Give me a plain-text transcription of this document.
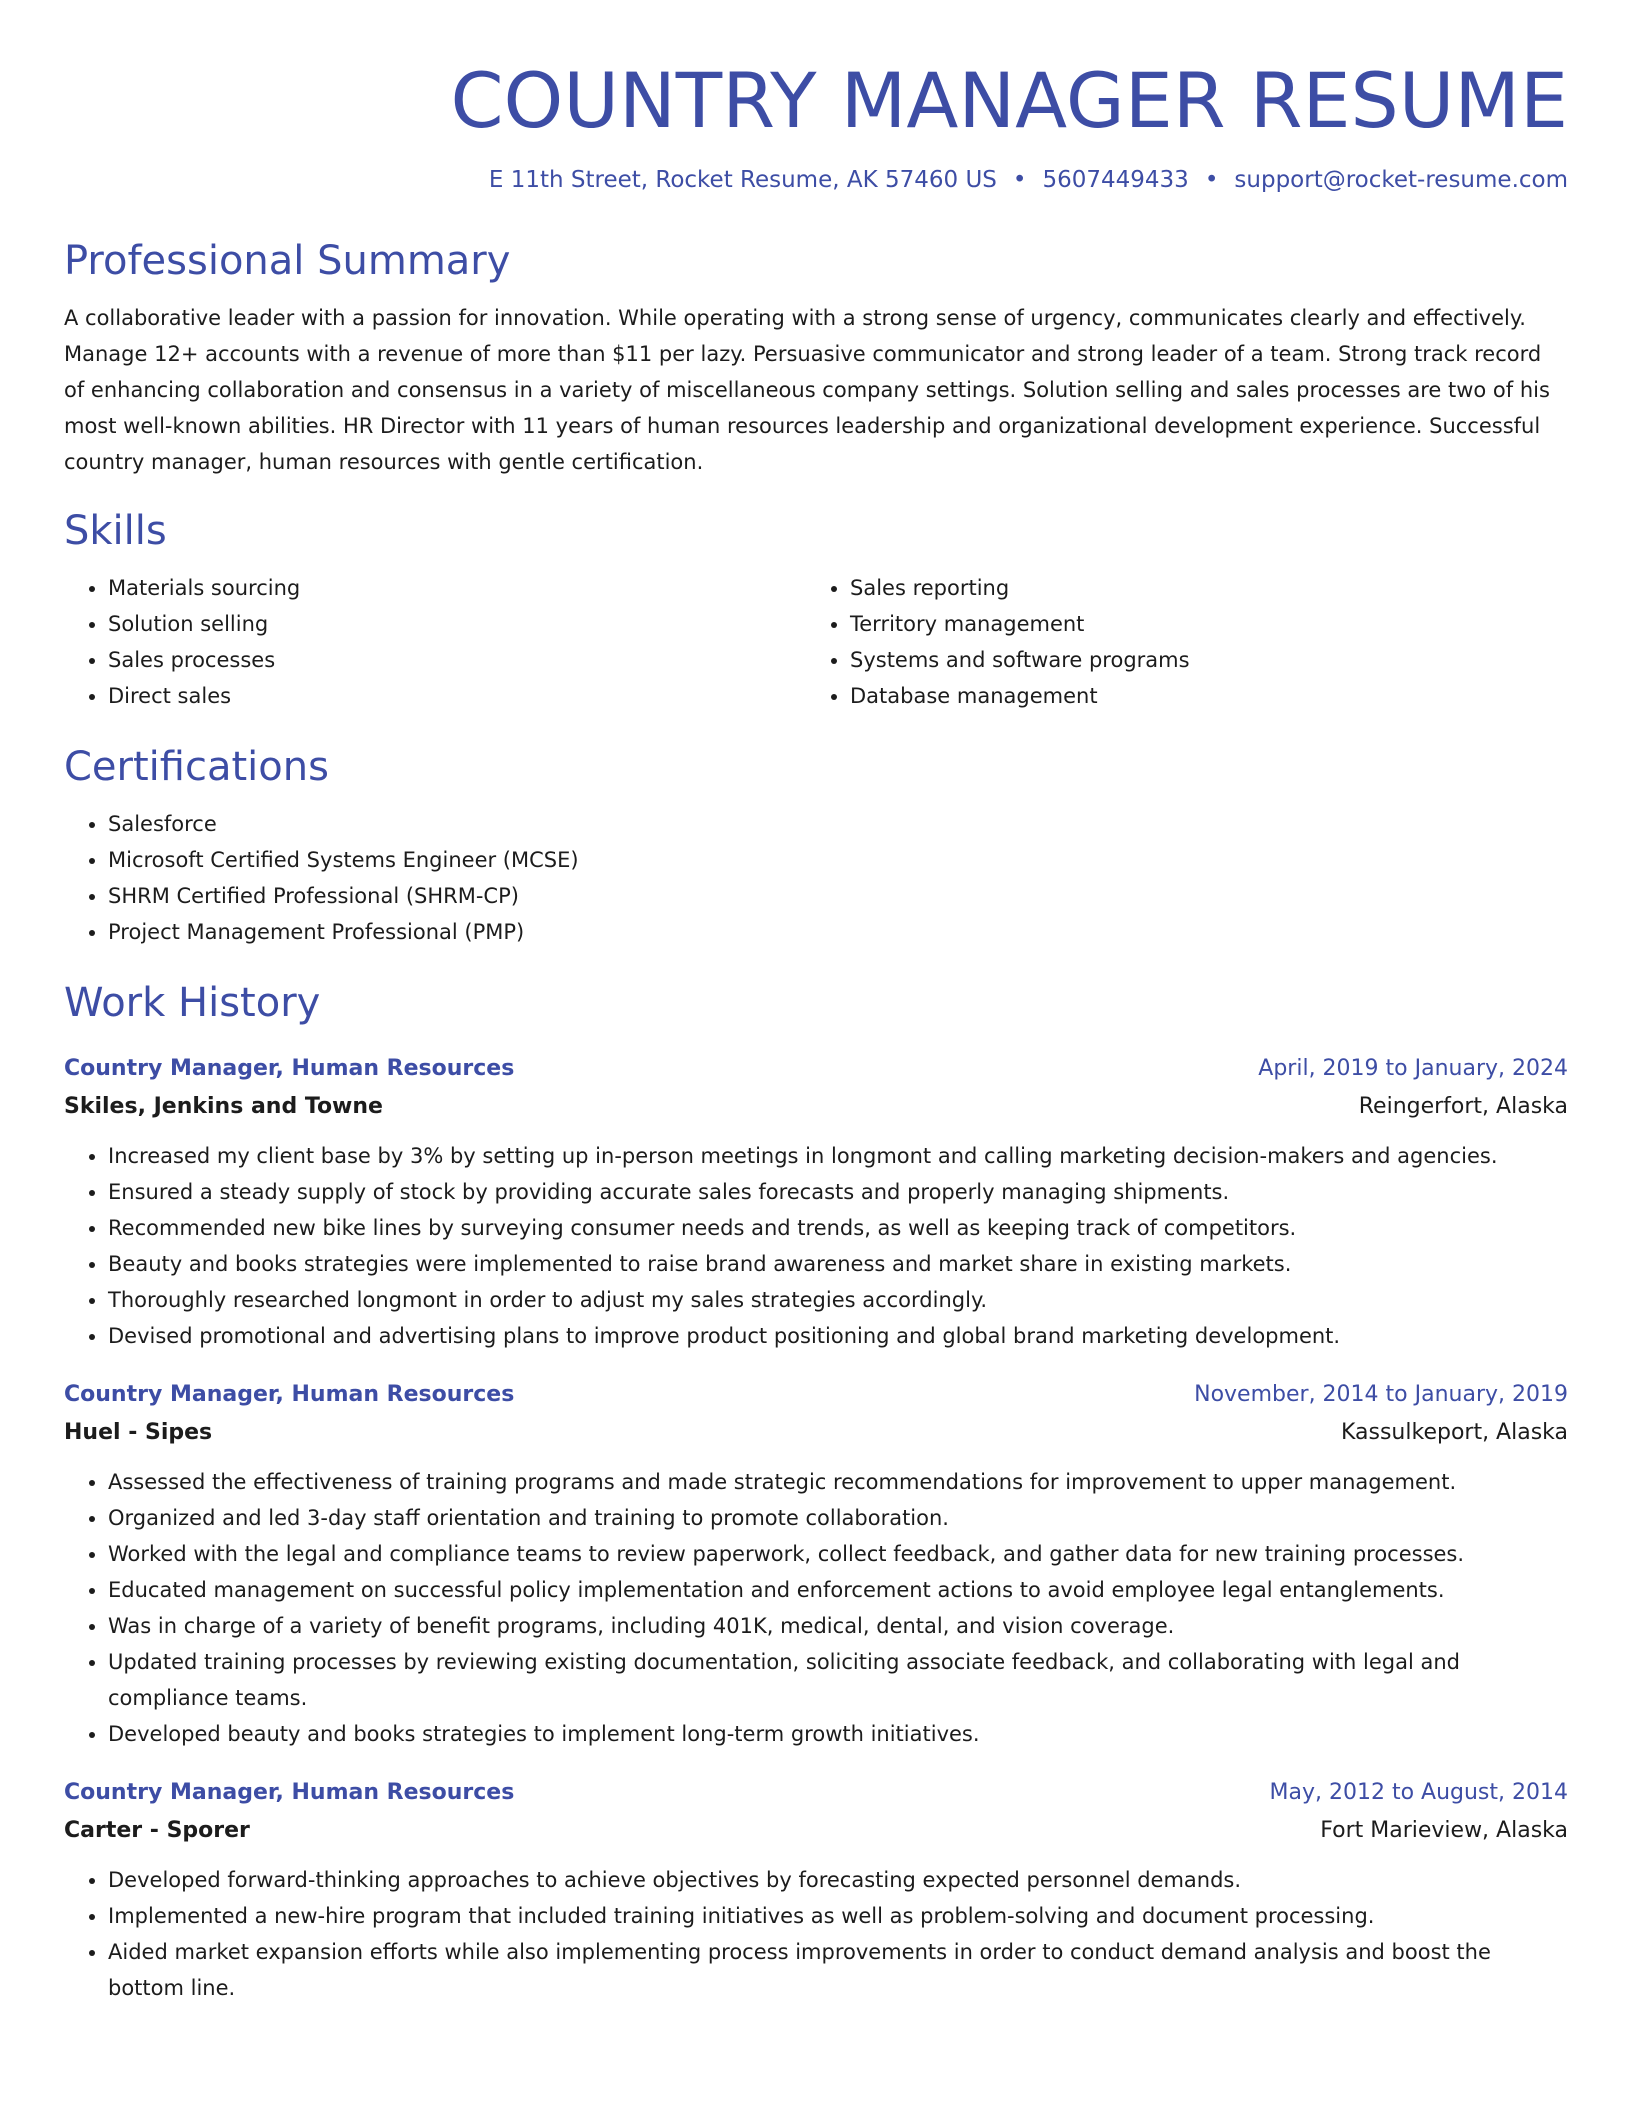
COUNTRY MANAGER RESUME
E 11th Street, Rocket Resume, AK 57460 US • 5607449433 • support@rocket-resume.com
Professional Summary

A collaborative leader with a passion for innovation. While operating with a strong sense of urgency, communicates clearly and effectively. Manage 12+ accounts with a revenue of more than $11 per lazy. Persuasive communicator and strong leader of a team. Strong track record of enhancing collaboration and consensus in a variety of miscellaneous company settings. Solution selling and sales processes are two of his most well-known abilities. HR Director with 11 years of human resources leadership and organizational development experience. Successful country manager, human resources with gentle certification.

Skills
• Materials sourcing
• Solution selling
• Sales processes
• Direct sales
• Sales reporting
• Territory management
• Systems and software programs
• Database management
Certifications
• Salesforce
• Microsoft Certified Systems Engineer (MCSE)
• SHRM Certified Professional (SHRM-CP)
• Project Management Professional (PMP)
Work History
Country Manager, Human Resources	April, 2019 to January, 2024
Skiles, Jenkins and Towne	Reingerfort, Alaska
• Increased my client base by 3% by setting up in-person meetings in longmont and calling marketing decision-makers and agencies.
• Ensured a steady supply of stock by providing accurate sales forecasts and properly managing shipments.
• Recommended new bike lines by surveying consumer needs and trends, as well as keeping track of competitors.
• Beauty and books strategies were implemented to raise brand awareness and market share in existing markets.
• Thoroughly researched longmont in order to adjust my sales strategies accordingly.
• Devised promotional and advertising plans to improve product positioning and global brand marketing development.
Country Manager, Human Resources	November, 2014 to January, 2019
Huel - Sipes	Kassulkeport, Alaska
• Assessed the effectiveness of training programs and made strategic recommendations for improvement to upper management.
• Organized and led 3-day staff orientation and training to promote collaboration.
• Worked with the legal and compliance teams to review paperwork, collect feedback, and gather data for new training processes.
• Educated management on successful policy implementation and enforcement actions to avoid employee legal entanglements.
• Was in charge of a variety of benefit programs, including 401K, medical, dental, and vision coverage.
• Updated training processes by reviewing existing documentation, soliciting associate feedback, and collaborating with legal and compliance teams.
• Developed beauty and books strategies to implement long-term growth initiatives.
Country Manager, Human Resources	May, 2012 to August, 2014
Carter - Sporer	Fort Marieview, Alaska
• Developed forward-thinking approaches to achieve objectives by forecasting expected personnel demands.
• Implemented a new-hire program that included training initiatives as well as problem-solving and document processing.
• Aided market expansion efforts while also implementing process improvements in order to conduct demand analysis and boost the bottom line.
